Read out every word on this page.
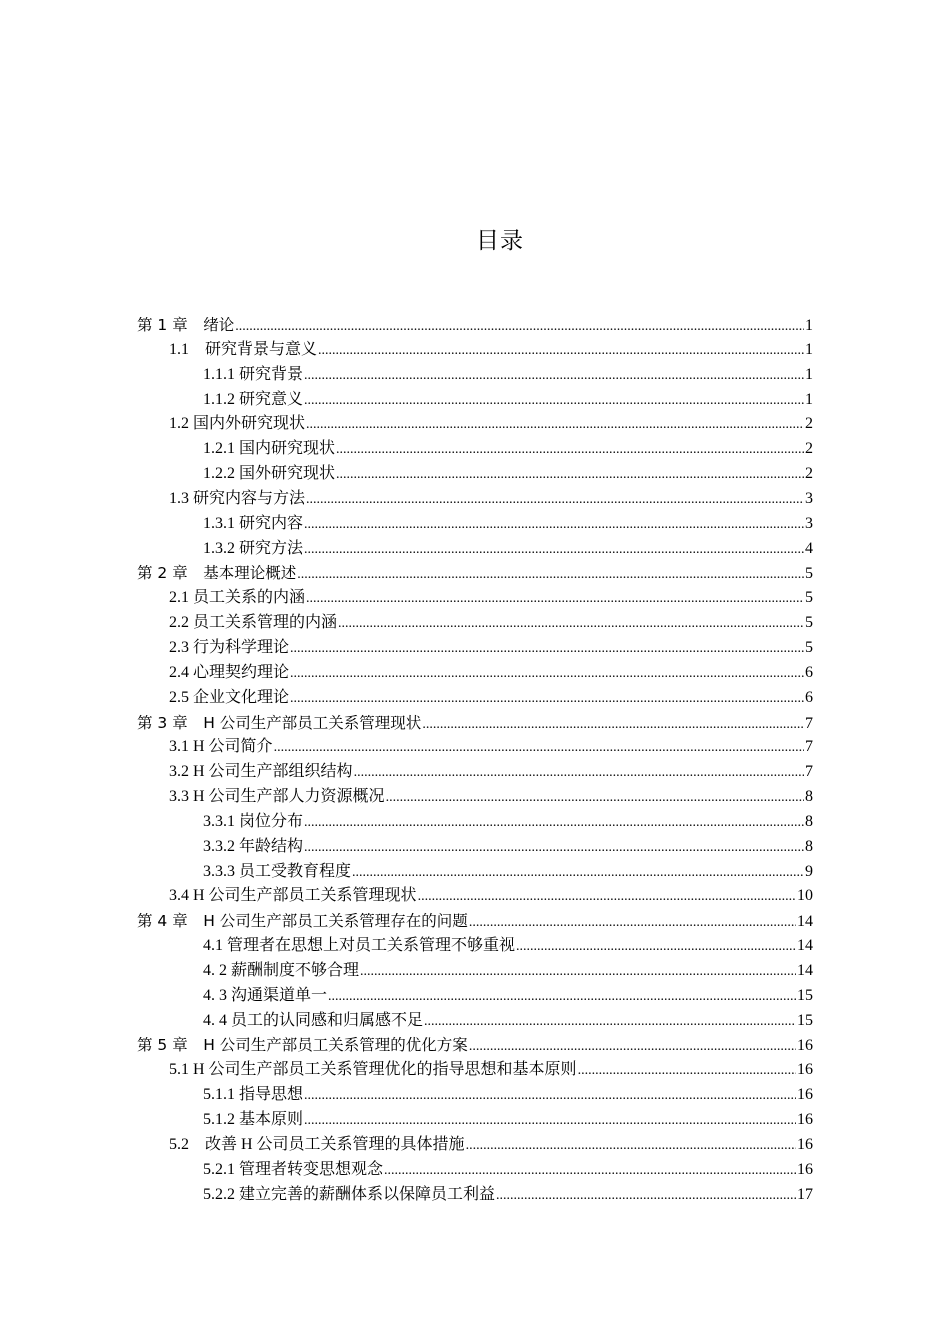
目录
第 1 章　绪论 .....	1
1.1　研究背景与意义 .....	1
1.1.1 研究背景 .....	1
1.1.2 研究意义 .....	1
1.2 国内外研究现状 .....	2
1.2.1 国内研究现状 .....	2
1.2.2 国外研究现状 .....	2
1.3 研究内容与方法 .....	3
1.3.1 研究内容 .....	3
1.3.2 研究方法 .....	4
第 2 章　基本理论概述 .....	5
2.1 员工关系的内涵 .....	5
2.2 员工关系管理的内涵 .....	5
2.3 行为科学理论 .....	5
2.4 心理契约理论 .....	6
2.5 企业文化理论 .....	6
第 3 章　H 公司生产部员工关系管理现状 .....	7
3.1 H 公司简介 .....	7
3.2 H 公司生产部组织结构 .....	7
3.3 H 公司生产部人力资源概况 .....	8
3.3.1 岗位分布 .....	8
3.3.2 年龄结构 .....	8
3.3.3 员工受教育程度 .....	9
3.4 H 公司生产部员工关系管理现状 .....	10
第 4 章　H 公司生产部员工关系管理存在的问题 .....	14
4.1 管理者在思想上对员工关系管理不够重视 .....	14
4. 2 薪酬制度不够合理 .....	14
4. 3 沟通渠道单一 .....	15
4. 4 员工的认同感和归属感不足 .....	15
第 5 章　H 公司生产部员工关系管理的优化方案 .....	16
5.1 H 公司生产部员工关系管理优化的指导思想和基本原则 .....	16
5.1.1 指导思想 .....	16
5.1.2 基本原则 .....	16
5.2　改善 H 公司员工关系管理的具体措施 .....	16
5.2.1 管理者转变思想观念 .....	16
5.2.2 建立完善的薪酬体系以保障员工利益 .....	17
